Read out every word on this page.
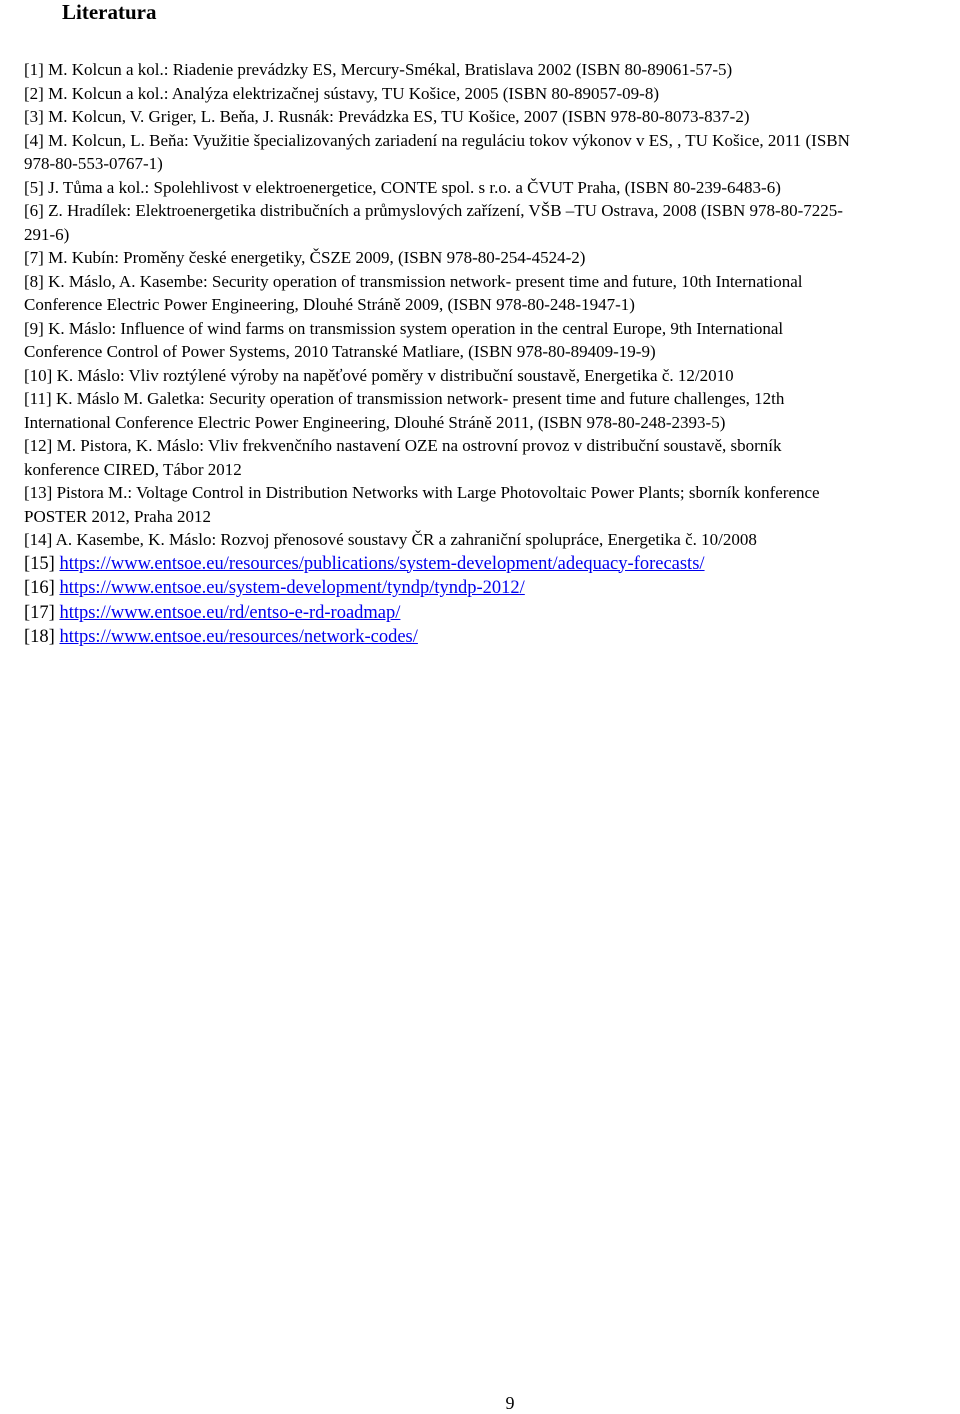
Literatura
[1] M. Kolcun a kol.: Riadenie prevádzky ES, Mercury-Smékal, Bratislava 2002 (ISBN 80-89061-57-5)
[2] M. Kolcun a kol.: Analýza elektrizačnej sústavy, TU Košice, 2005 (ISBN 80-89057-09-8)
[3] M. Kolcun, V. Griger, L. Beňa, J. Rusnák: Prevádzka ES, TU Košice, 2007 (ISBN 978-80-8073-837-2)
[4] M. Kolcun, L. Beňa: Využitie špecializovaných zariadení na reguláciu tokov výkonov v ES, , TU Košice, 2011 (ISBN
978-80-553-0767-1)
[5] J. Tůma a kol.: Spolehlivost v elektroenergetice, CONTE spol. s r.o. a ČVUT Praha, (ISBN 80-239-6483-6)
[6] Z. Hradílek: Elektroenergetika distribučních a průmyslových zařízení, VŠB –TU Ostrava, 2008 (ISBN 978-80-7225-
291-6)
[7] M. Kubín: Proměny české energetiky, ČSZE 2009, (ISBN 978-80-254-4524-2)
[8] K. Máslo, A. Kasembe: Security operation of transmission network- present time and future, 10th International
Conference Electric Power Engineering, Dlouhé Stráně 2009, (ISBN 978-80-248-1947-1)
[9] K. Máslo: Influence of wind farms on transmission system operation in the central Europe, 9th International
Conference Control of Power Systems, 2010 Tatranské Matliare, (ISBN 978-80-89409-19-9)
[10] K. Máslo: Vliv roztýlené výroby na napěťové poměry v distribuční soustavě, Energetika č. 12/2010
[11] K. Máslo M. Galetka: Security operation of transmission network- present time and future challenges, 12th
International Conference Electric Power Engineering, Dlouhé Stráně 2011, (ISBN 978-80-248-2393-5)
[12] M. Pistora, K. Máslo: Vliv frekvenčního nastavení OZE na ostrovní provoz v distribuční soustavě, sborník
konference CIRED, Tábor 2012
[13] Pistora M.: Voltage Control in Distribution Networks with Large Photovoltaic Power Plants; sborník konference
POSTER 2012, Praha 2012
[14] A. Kasembe, K. Máslo: Rozvoj přenosové soustavy ČR a zahraniční spolupráce, Energetika č. 10/2008
[15] https://www.entsoe.eu/resources/publications/system-development/adequacy-forecasts/
[16] https://www.entsoe.eu/system-development/tyndp/tyndp-2012/
[17] https://www.entsoe.eu/rd/entso-e-rd-roadmap/
[18] https://www.entsoe.eu/resources/network-codes/
9
